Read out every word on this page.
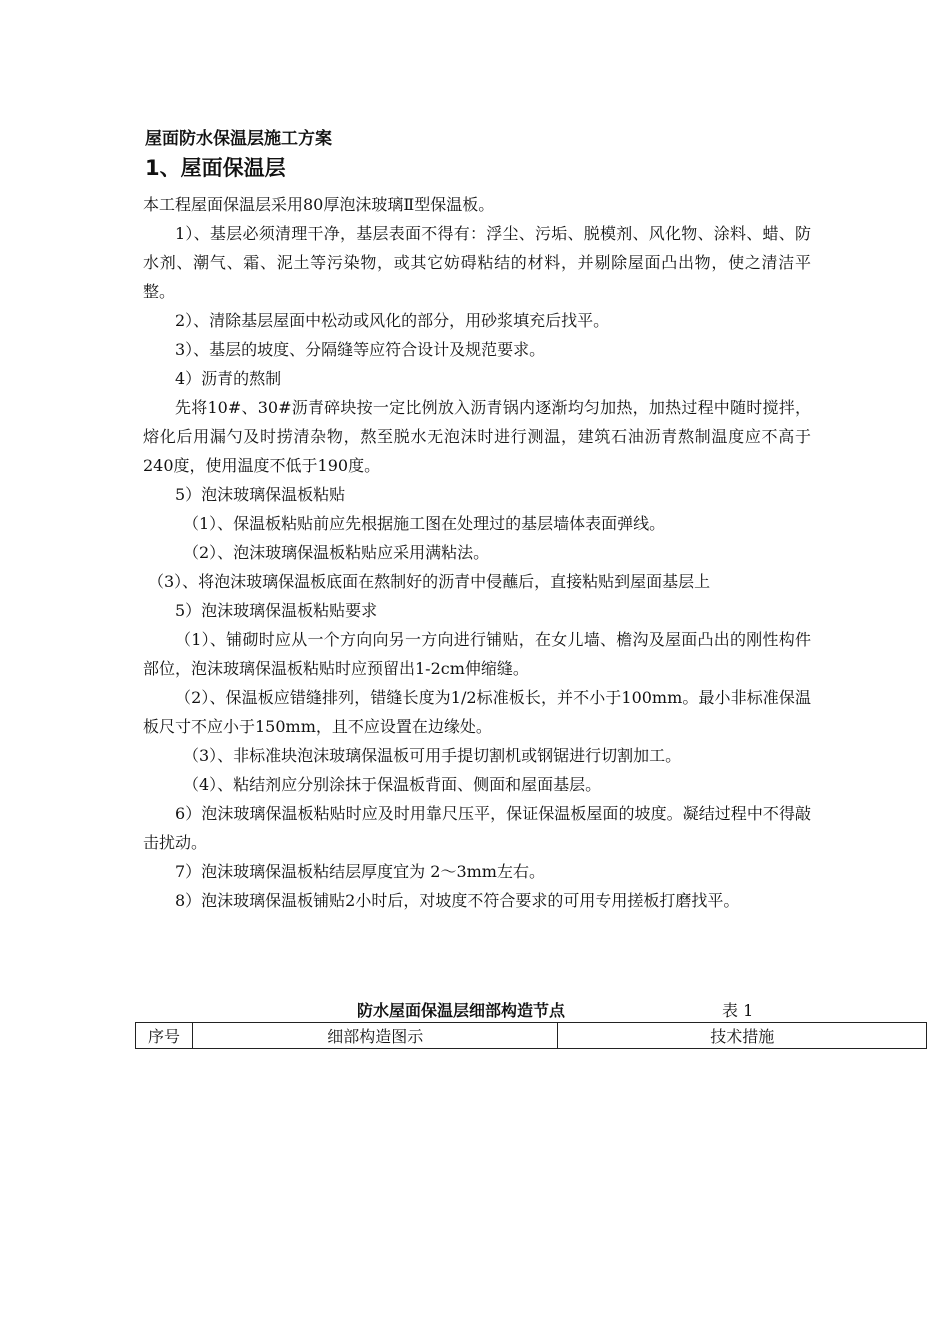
屋面防水保温层施工方案
1、屋面保温层

本工程屋面保温层采用80厚泡沫玻璃Ⅱ型保温板。

1）、基层必须清理干净，基层表面不得有：浮尘、污垢、脱模剂、风化物、涂料、蜡、防水剂、潮气、霜、泥土等污染物，或其它妨碍粘结的材料，并剔除屋面凸出物，使之清洁平整。

2）、清除基层屋面中松动或风化的部分，用砂浆填充后找平。

3）、基层的坡度、分隔缝等应符合设计及规范要求。

4）沥青的熬制

先将10#、30#沥青碎块按一定比例放入沥青锅内逐渐均匀加热，加热过程中随时搅拌，熔化后用漏勺及时捞清杂物，熬至脱水无泡沫时进行测温，建筑石油沥青熬制温度应不高于240度，使用温度不低于190度。

5）泡沫玻璃保温板粘贴

（1）、保温板粘贴前应先根据施工图在处理过的基层墙体表面弹线。

（2）、泡沫玻璃保温板粘贴应采用满粘法。

（3）、将泡沫玻璃保温板底面在熬制好的沥青中侵蘸后，直接粘贴到屋面基层上

5）泡沫玻璃保温板粘贴要求

（1）、铺砌时应从一个方向向另一方向进行铺贴，在女儿墙、檐沟及屋面凸出的刚性构件部位，泡沫玻璃保温板粘贴时应预留出1-2cm伸缩缝。

（2）、保温板应错缝排列，错缝长度为1/2标准板长，并不小于100mm。最小非标准保温板尺寸不应小于150mm，且不应设置在边缘处。

（3）、非标准块泡沫玻璃保温板可用手提切割机或钢锯进行切割加工。

（4）、粘结剂应分别涂抹于保温板背面、侧面和屋面基层。

6）泡沫玻璃保温板粘贴时应及时用靠尺压平，保证保温板屋面的坡度。凝结过程中不得敲击扰动。

7）泡沫玻璃保温板粘结层厚度宜为 2～3mm左右。

8）泡沫玻璃保温板铺贴2小时后，对坡度不符合要求的可用专用搓板打磨找平。

防水屋面保温层细部构造节点	表 1
序号	细部构造图示	技术措施
